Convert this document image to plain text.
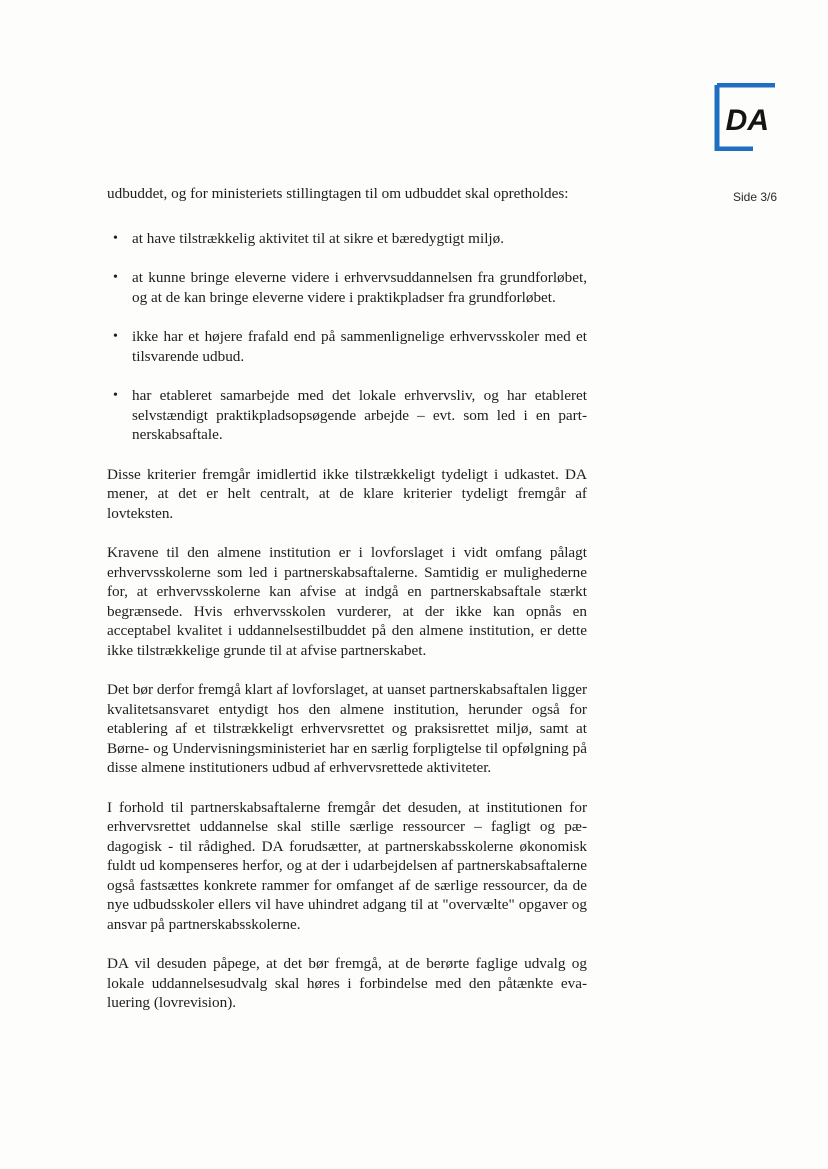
DA
Side 3/6

udbuddet, og for ministeriets stillingtagen til om udbuddet skal opretholdes:

• at have tilstrækkelig aktivitet til at sikre et bæredygtigt miljø.
• at kunne bringe eleverne videre i erhvervsuddannelsen fra grundforløbet, og at de kan bringe eleverne videre i praktikpladser fra grundforløbet.
• ikke har et højere frafald end på sammenlignelige erhvervsskoler med et tilsvarende udbud.
• har etableret samarbejde med det lokale erhvervsliv, og har etableret selvstændigt praktikpladsopsøgende arbejde – evt. som led i en partnerskabsaftale.

Disse kriterier fremgår imidlertid ikke tilstrækkeligt tydeligt i udkastet. DA mener, at det er helt centralt, at de klare kriterier tydeligt fremgår af lovteksten.

Kravene til den almene institution er i lovforslaget i vidt omfang pålagt erhvervsskolerne som led i partnerskabsaftalerne. Samtidig er mulighederne for, at erhvervsskolerne kan afvise at indgå en partnerskabsaftale stærkt begrænsede. Hvis erhvervsskolen vurderer, at der ikke kan opnås en acceptabel kvalitet i uddannelsestilbuddet på den almene institution, er dette ikke tilstrækkelige grunde til at afvise partnerskabet.

Det bør derfor fremgå klart af lovforslaget, at uanset partnerskabsaftalen ligger kvalitetsansvaret entydigt hos den almene institution, herunder også for etablering af et tilstrækkeligt erhvervsrettet og praksisrettet miljø, samt at Børne- og Undervisningsministeriet har en særlig forpligtelse til opfølgning på disse almene institutioners udbud af erhvervsrettede aktiviteter.

I forhold til partnerskabsaftalerne fremgår det desuden, at institutionen for erhvervsrettet uddannelse skal stille særlige ressourcer – fagligt og pædagogisk - til rådighed. DA forudsætter, at partnerskabsskolerne økonomisk fuldt ud kompenseres herfor, og at der i udarbejdelsen af partnerskabsaftalerne også fastsættes konkrete rammer for omfanget af de særlige ressourcer, da de nye udbudsskoler ellers vil have uhindret adgang til at "overvælte" opgaver og ansvar på partnerskabsskolerne.

DA vil desuden påpege, at det bør fremgå, at de berørte faglige udvalg og lokale uddannelsesudvalg skal høres i forbindelse med den påtænkte evaluering (lovrevision).
